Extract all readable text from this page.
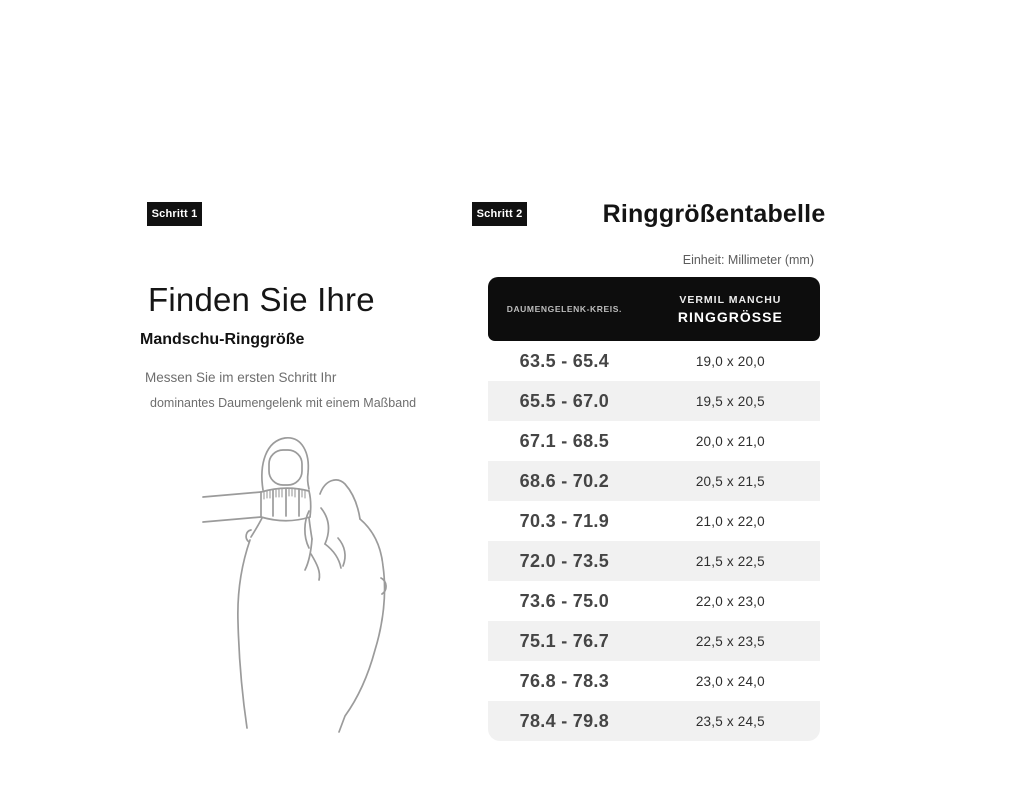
Schritt 1
Finden Sie Ihre
Mandschu-Ringgröße
Messen Sie im ersten Schritt Ihr
dominantes Daumengelenk mit einem Maßband
Schritt 2	Ringgrößentabelle
Einheit: Millimeter (mm)
DAUMENGELENK-KREIS.
VERMIL MANCHU
RINGGRÖSSE
63.5 - 65.4	19,0 x 20,0
65.5 - 67.0	19,5 x 20,5
67.1 - 68.5	20,0 x 21,0
68.6 - 70.2	20,5 x 21,5
70.3 - 71.9	21,0 x 22,0
72.0 - 73.5	21,5 x 22,5
73.6 - 75.0	22,0 x 23,0
75.1 - 76.7	22,5 x 23,5
76.8 - 78.3	23,0 x 24,0
78.4 - 79.8	23,5 x 24,5
